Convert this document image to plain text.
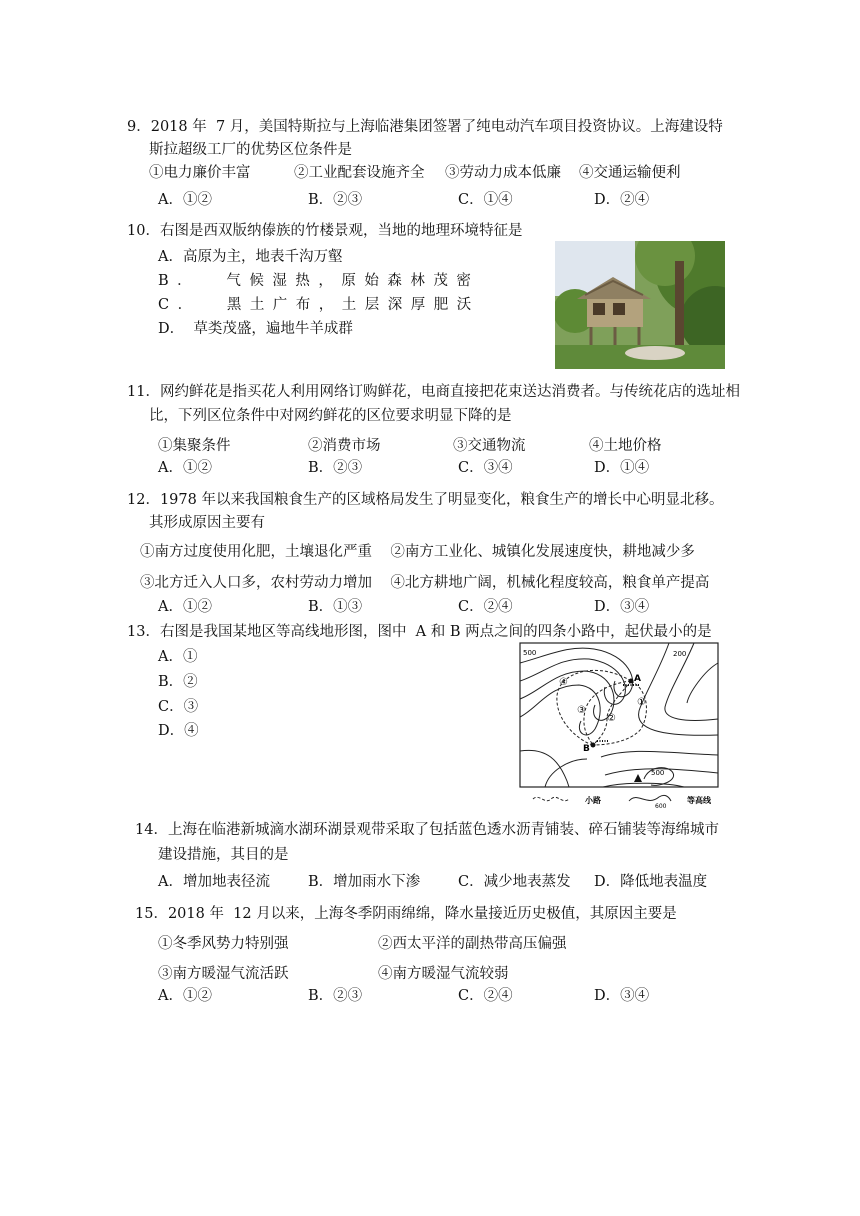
9．2018 年  7 月，美国特斯拉与上海临港集团签署了纯电动汽车项目投资协议。上海建设特
斯拉超级工厂的优势区位条件是
①电力廉价丰富	②工业配套设施齐全 ③劳动力成本低廉 ④交通运输便利
A．①②	B．②③	C．①④	D．②④
10．右图是西双版纳傣族的竹楼景观，当地的地理环境特征是
A．高原为主，地表千沟万壑
B．  气候湿热，原始森林茂密
C．  黑土广布，土层深厚肥沃
D．  草类茂盛，遍地牛羊成群
11．网约鲜花是指买花人利用网络订购鲜花，电商直接把花束送达消费者。与传统花店的选址相
比，下列区位条件中对网约鲜花的区位要求明显下降的是
①集聚条件	②消费市场	③交通物流	④土地价格
A．①②	B．②③	C．③④	D．①④
12．1978 年以来我国粮食生产的区域格局发生了明显变化，粮食生产的增长中心明显北移。
其形成原因主要有
①南方过度使用化肥，土壤退化严重    ②南方工业化、城镇化发展速度快，耕地减少多
③北方迁入人口多，农村劳动力增加    ④北方耕地广阔，机械化程度较高，粮食单产提高
A．①②	B．①③	C．②④	D．③④
13．右图是我国某地区等高线地形图，图中  A 和 B 两点之间的四条小路中，起伏最小的是
A．①
B．②
C．③
D．④
A
B
①
②
③
④
500	200
500
小路
600
等高线
14．上海在临港新城滴水湖环湖景观带采取了包括蓝色透水沥青铺装、碎石铺装等海绵城市
建设措施，其目的是
A．增加地表径流	B．增加雨水下渗	C．减少地表蒸发 D．降低地表温度
15．2018 年  12 月以来，上海冬季阴雨绵绵，降水量接近历史极值，其原因主要是
①冬季风势力特别强	②西太平洋的副热带高压偏强
③南方暖湿气流活跃	④南方暖湿气流较弱
A．①②	B．②③	C．②④	D．③④
